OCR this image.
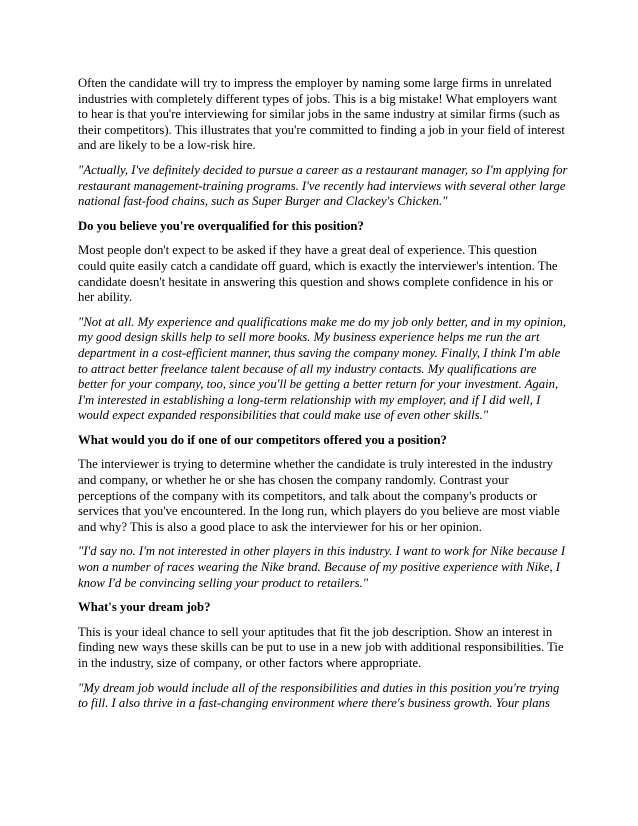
Often the candidate will try to impress the employer by naming some large firms in unrelated industries with completely different types of jobs. This is a big mistake! What employers want to hear is that you're interviewing for similar jobs in the same industry at similar firms (such as their competitors). This illustrates that you're committed to finding a job in your field of interest and are likely to be a low-risk hire.

"Actually, I've definitely decided to pursue a career as a restaurant manager, so I'm applying for restaurant management-training programs. I've recently had interviews with several other large national fast-food chains, such as Super Burger and Clackey's Chicken."

Do you believe you're overqualified for this position?

Most people don't expect to be asked if they have a great deal of experience. This question could quite easily catch a candidate off guard, which is exactly the interviewer's intention. The candidate doesn't hesitate in answering this question and shows complete confidence in his or her ability.

"Not at all. My experience and qualifications make me do my job only better, and in my opinion, my good design skills help to sell more books. My business experience helps me run the art department in a cost-efficient manner, thus saving the company money. Finally, I think I'm able to attract better freelance talent because of all my industry contacts. My qualifications are better for your company, too, since you'll be getting a better return for your investment. Again, I'm interested in establishing a long-term relationship with my employer, and if I did well, I would expect expanded responsibilities that could make use of even other skills."

What would you do if one of our competitors offered you a position?

The interviewer is trying to determine whether the candidate is truly interested in the industry and company, or whether he or she has chosen the company randomly. Contrast your perceptions of the company with its competitors, and talk about the company's products or services that you've encountered. In the long run, which players do you believe are most viable and why? This is also a good place to ask the interviewer for his or her opinion.

"I'd say no. I'm not interested in other players in this industry. I want to work for Nike because I won a number of races wearing the Nike brand. Because of my positive experience with Nike, I know I'd be convincing selling your product to retailers."

What's your dream job?

This is your ideal chance to sell your aptitudes that fit the job description. Show an interest in finding new ways these skills can be put to use in a new job with additional responsibilities. Tie in the industry, size of company, or other factors where appropriate.

"My dream job would include all of the responsibilities and duties in this position you're trying to fill. I also thrive in a fast-changing environment where there's business growth. Your plans
